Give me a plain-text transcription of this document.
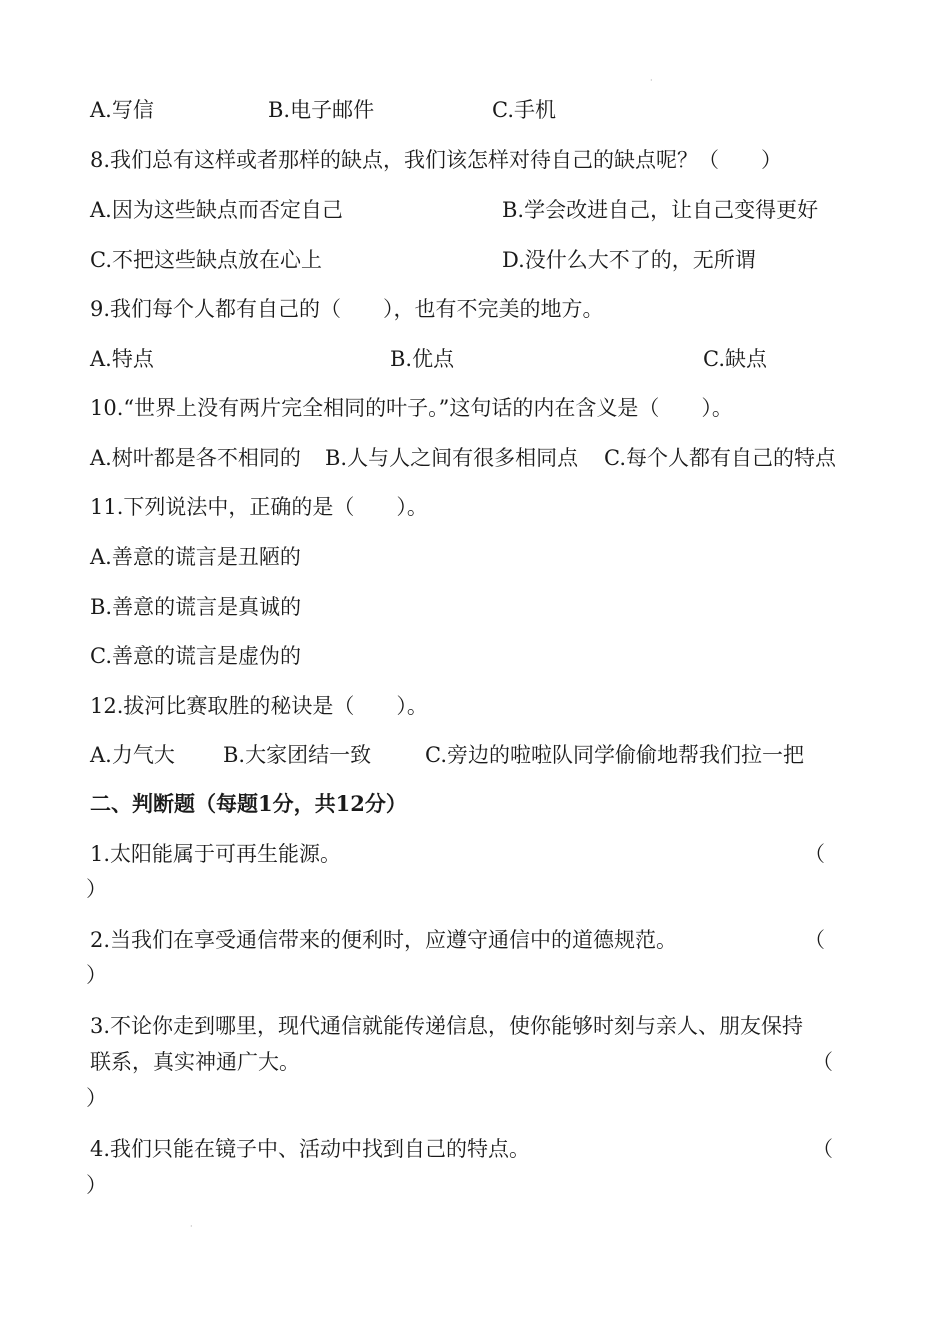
·
A.写信	B.电子邮件	C.手机
8.我们总有这样或者那样的缺点，我们该怎样对待自己的缺点呢？（　　）
A.因为这些缺点而否定自己	B.学会改进自己，让自己变得更好
C.不把这些缺点放在心上	D.没什么大不了的，无所谓
9.我们每个人都有自己的（　　），也有不完美的地方。
A.特点	B.优点	C.缺点
10.“世界上没有两片完全相同的叶子。”这句话的内在含义是（　　）。
A.树叶都是各不相同的 B.人与人之间有很多相同点 C.每个人都有自己的特点
11.下列说法中，正确的是（　　）。
A.善意的谎言是丑陋的
B.善意的谎言是真诚的
C.善意的谎言是虚伪的
12.拔河比赛取胜的秘诀是（　　）。
A.力气大 B.大家团结一致	C.旁边的啦啦队同学偷偷地帮我们拉一把
二、判断题（每题1分，共12分）
1.太阳能属于可再生能源。	（
）
2.当我们在享受通信带来的便利时，应遵守通信中的道德规范。	（
）
3.不论你走到哪里，现代通信就能传递信息，使你能够时刻与亲人、朋友保持
联系，真实神通广大。	（
）
4.我们只能在镜子中、活动中找到自己的特点。	（
）
·
